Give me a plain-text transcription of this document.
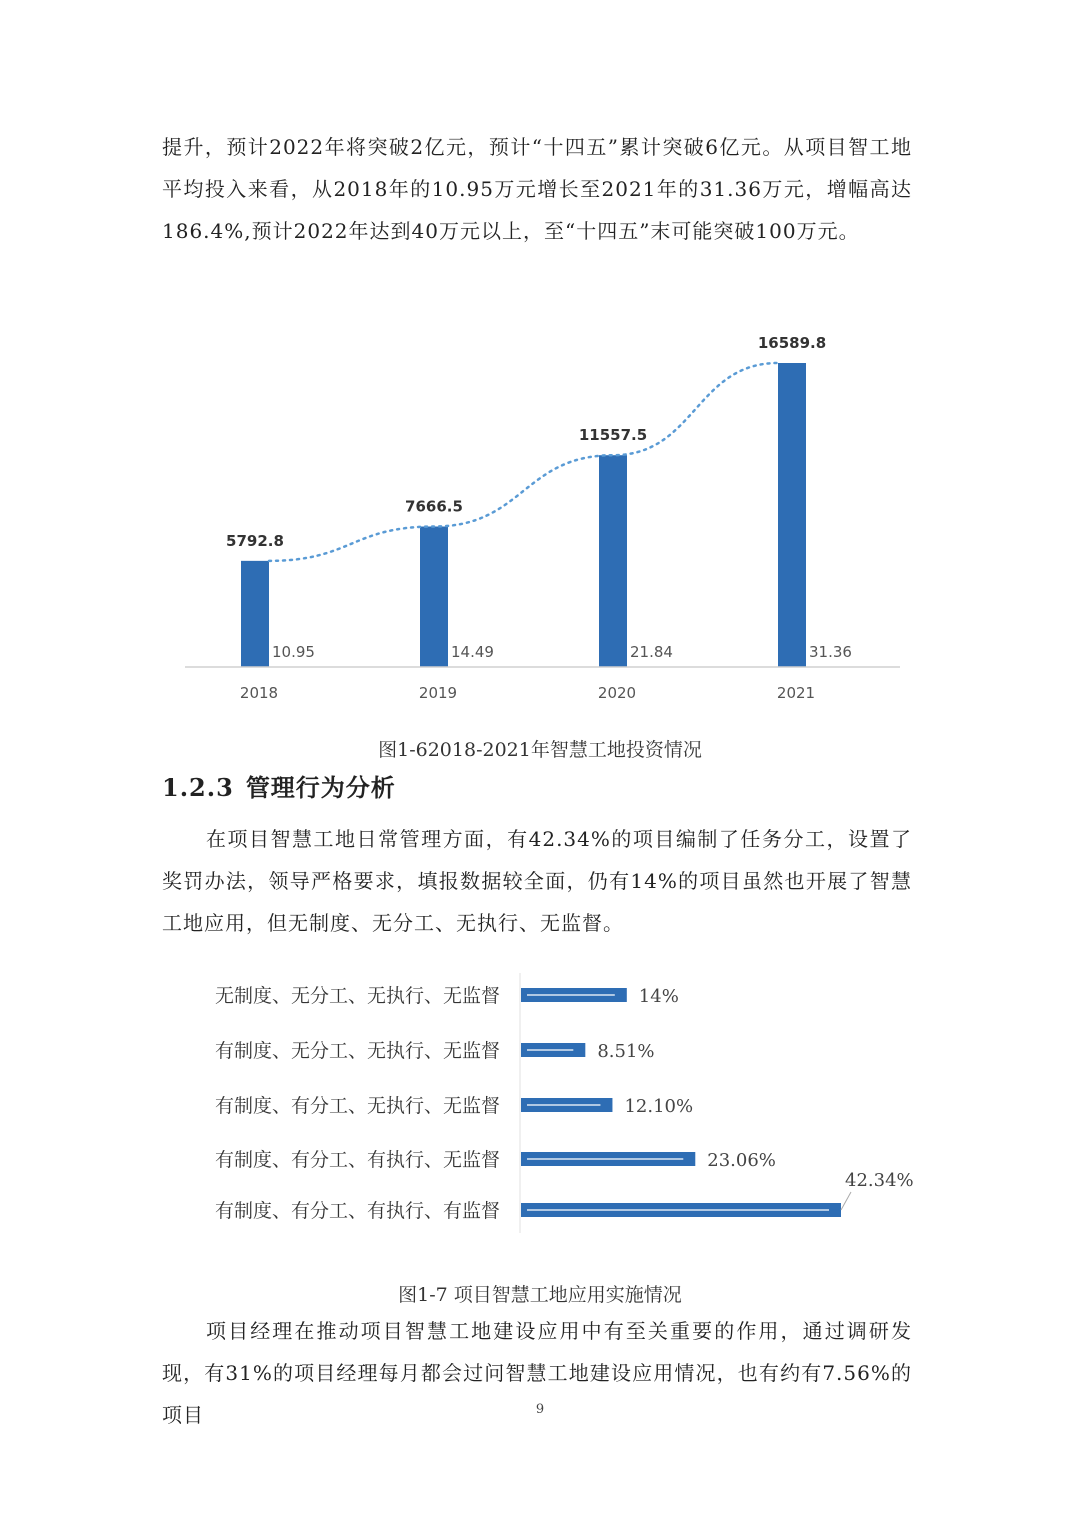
提升，预计2022年将突破2亿元，预计“十四五”累计突破6亿元。从项目智工地平均投入来看，从2018年的10.95万元增长至2021年的31.36万元，增幅高达186.4%,预计2022年达到40万元以上，至“十四五”末可能突破100万元。

5792.8
10.95
2018
7666.5
14.49
2019
11557.5
21.84
2020
16589.8
31.36
2021
图1-62018-2021年智慧工地投资情况
1.2.3 管理行为分析

在项目智慧工地日常管理方面，有42.34%的项目编制了任务分工，设置了奖罚办法，领导严格要求，填报数据较全面，仍有14%的项目虽然也开展了智慧工地应用，但无制度、无分工、无执行、无监督。

无制度、无分工、无执行、无监督	14%
有制度、无分工、无执行、无监督	8.51%
有制度、有分工、无执行、无监督	12.10%
有制度、有分工、有执行、无监督	23.06%
有制度、有分工、有执行、有监督
42.34%
图1-7 项目智慧工地应用实施情况

项目经理在推动项目智慧工地建设应用中有至关重要的作用，通过调研发现，有31%的项目经理每月都会过问智慧工地建设应用情况，也有约有7.56%的项目	9
